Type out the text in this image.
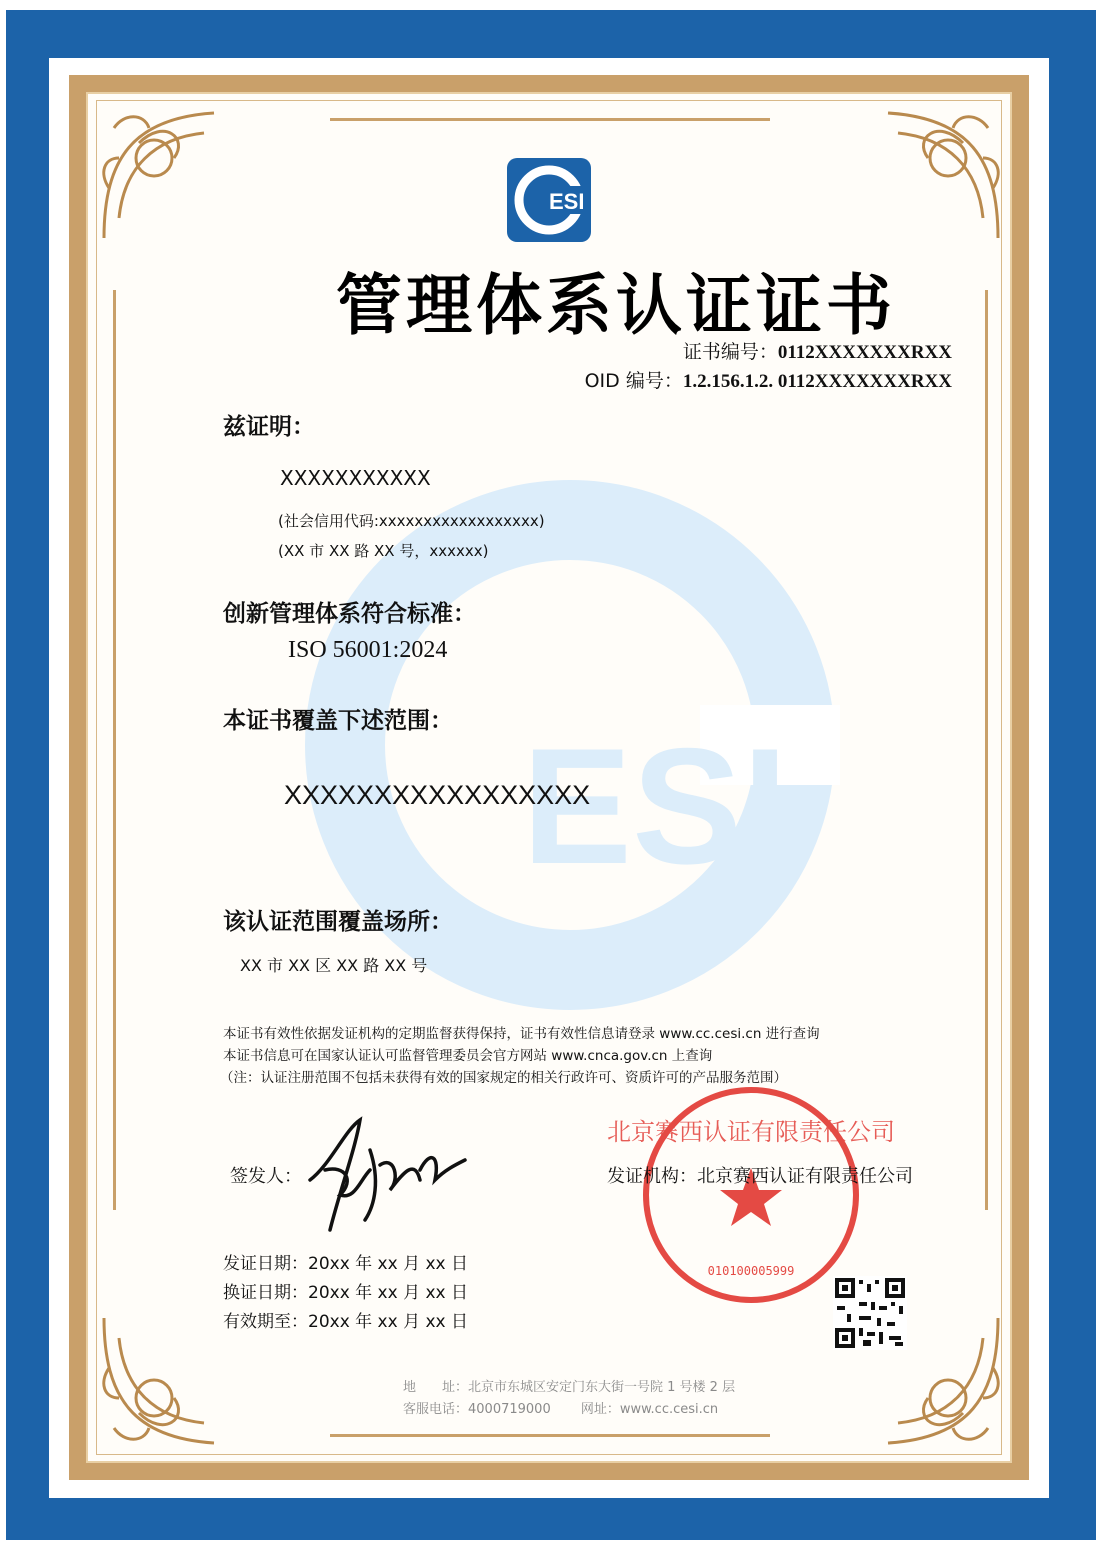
ESI
ESI
管理体系认证证书
证书编号：0112XXXXXXXRXX
OID 编号：1.2.156.1.2. 0112XXXXXXXRXX
兹证明：
XXXXXXXXXXX
(社会信用代码:xxxxxxxxxxxxxxxxxx)
(XX 市 XX 路 XX 号，xxxxxx)
创新管理体系符合标准：
ISO 56001:2024
本证书覆盖下述范围：
XXXXXXXXXXXXXXXXX
该认证范围覆盖场所：
XX 市 XX 区 XX 路 XX 号
本证书有效性依据发证机构的定期监督获得保持，证书有效性信息请登录 www.cc.cesi.cn 进行查询
本证书信息可在国家认证认可监督管理委员会官方网站 www.cnca.gov.cn 上查询
（注：认证注册范围不包括未获得有效的国家规定的相关行政许可、资质许可的产品服务范围）
签发人：
北京赛西认证有限责任公司
010100005999
发证机构：北京赛西认证有限责任公司
发证日期：20xx 年 xx 月 xx 日
换证日期：20xx 年 xx 月 xx 日
有效期至：20xx 年 xx 月 xx 日
地　　址：北京市东城区安定门东大街一号院 1 号楼 2 层
客服电话：4000719000　　 网址：www.cc.cesi.cn
